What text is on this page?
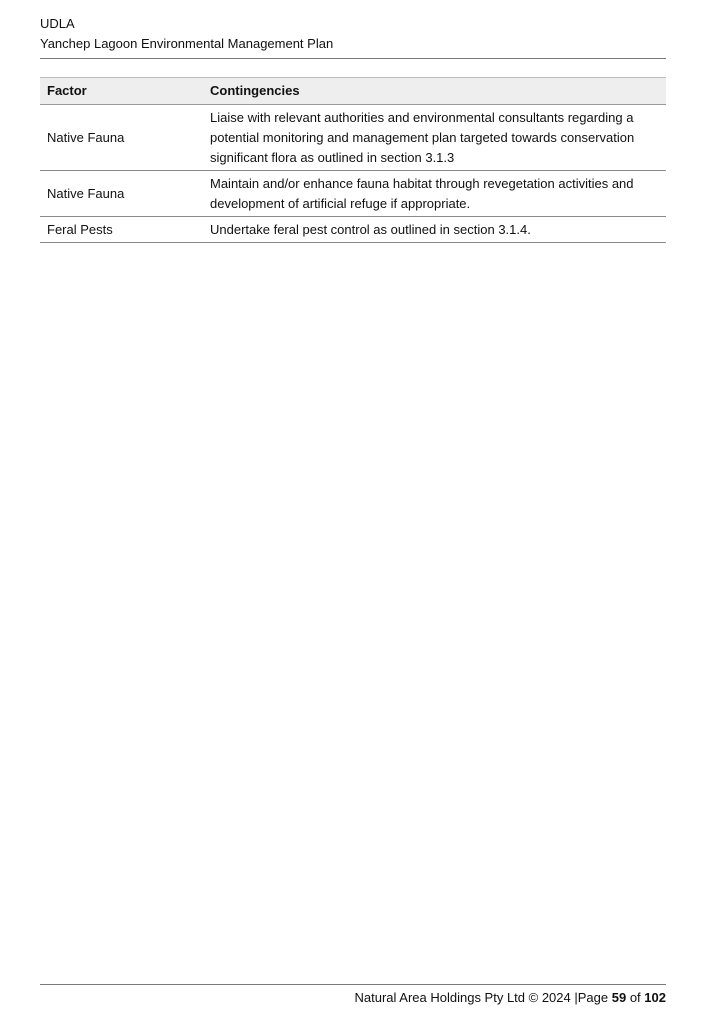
UDLA
Yanchep Lagoon Environmental Management Plan
Factor	Contingencies
Native Fauna	Liaise with relevant authorities and environmental consultants regarding a potential monitoring and management plan targeted towards conservation significant flora as outlined in section 3.1.3
Native Fauna	Maintain and/or enhance fauna habitat through revegetation activities and development of artificial refuge if appropriate.
Feral Pests	Undertake feral pest control as outlined in section 3.1.4.
Natural Area Holdings Pty Ltd © 2024 |Page 59 of 102
